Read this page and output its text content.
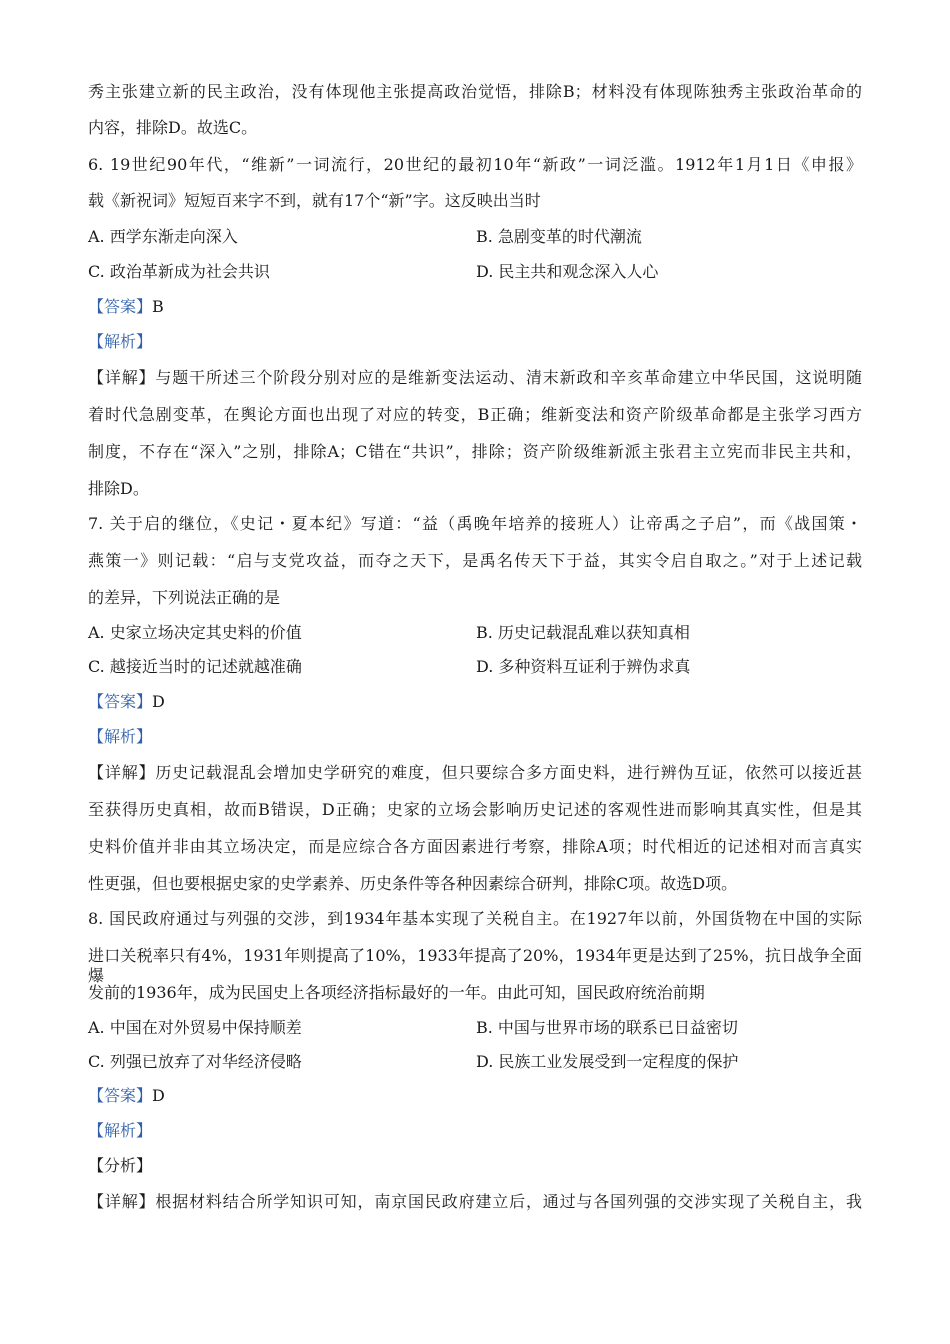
秀主张建立新的民主政治，没有体现他主张提高政治觉悟，排除B；材料没有体现陈独秀主张政治革命的
内容，排除D。故选C。
6. 19世纪90年代，“维新”一词流行，20世纪的最初10年“新政”一词泛滥。1912年1月1日《申报》
载《新祝词》短短百来字不到，就有17个“新”字。这反映出当时
A. 西学东渐走向深入	B. 急剧变革的时代潮流
C. 政治革新成为社会共识	D. 民主共和观念深入人心
【答案】B
【解析】
【详解】与题干所述三个阶段分别对应的是维新变法运动、清末新政和辛亥革命建立中华民国，这说明随
着时代急剧变革，在舆论方面也出现了对应的转变，B正确；维新变法和资产阶级革命都是主张学习西方
制度，不存在“深入”之别，排除A；C错在“共识”，排除；资产阶级维新派主张君主立宪而非民主共和，
排除D。
7. 关于启的继位，《史记・夏本纪》写道：“益（禹晚年培养的接班人）让帝禹之子启”，而《战国策・
燕策一》则记载：“启与支党攻益，而夺之天下，是禹名传天下于益，其实令启自取之。”对于上述记载
的差异，下列说法正确的是
A. 史家立场决定其史料的价值	B. 历史记载混乱难以获知真相
C. 越接近当时的记述就越准确	D. 多种资料互证利于辨伪求真
【答案】D
【解析】
【详解】历史记载混乱会增加史学研究的难度，但只要综合多方面史料，进行辨伪互证，依然可以接近甚
至获得历史真相，故而B错误，D正确；史家的立场会影响历史记述的客观性进而影响其真实性，但是其
史料价值并非由其立场决定，而是应综合各方面因素进行考察，排除A项；时代相近的记述相对而言真实
性更强，但也要根据史家的史学素养、历史条件等各种因素综合研判，排除C项。故选D项。
8. 国民政府通过与列强的交涉，到1934年基本实现了关税自主。在1927年以前，外国货物在中国的实际
进口关税率只有4%，1931年则提高了10%，1933年提高了20%，1934年更是达到了25%，抗日战争全面爆
发前的1936年，成为民国史上各项经济指标最好的一年。由此可知，国民政府统治前期
A. 中国在对外贸易中保持顺差	B. 中国与世界市场的联系已日益密切
C. 列强已放弃了对华经济侵略	D. 民族工业发展受到一定程度的保护
【答案】D
【解析】
【分析】
【详解】根据材料结合所学知识可知，南京国民政府建立后，通过与各国列强的交涉实现了关税自主，我
